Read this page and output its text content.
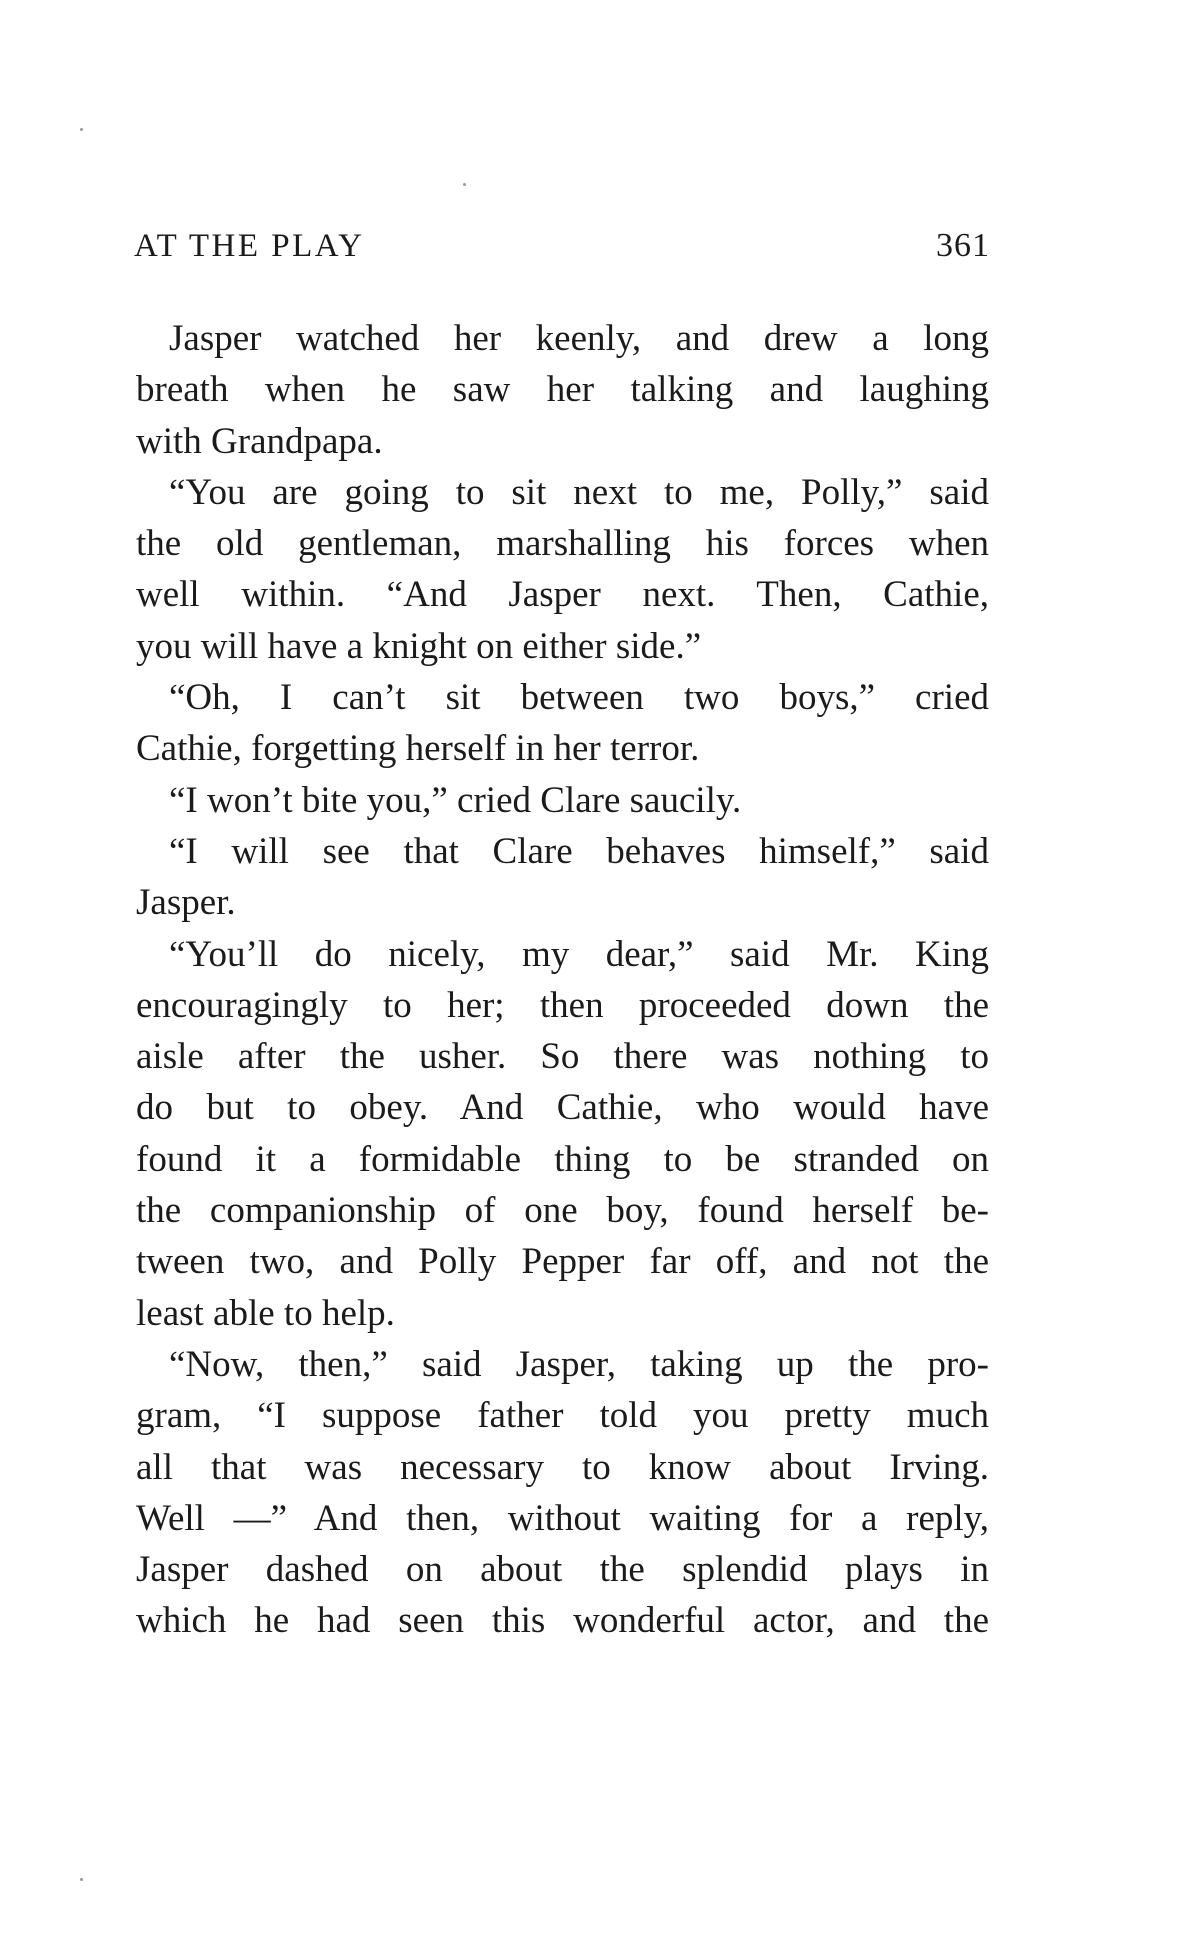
AT THE PLAY	361
Jasper watched her keenly, and drew a long
breath when he saw her talking and laughing
with Grandpapa.
“You are going to sit next to me, Polly,” said
the old gentleman, marshalling his forces when
well within. “And Jasper next. Then, Cathie,
you will have a knight on either side.”
“Oh, I can’t sit between two boys,” cried
Cathie, forgetting herself in her terror.
“I won’t bite you,” cried Clare saucily.
“I will see that Clare behaves himself,” said
Jasper.
“You’ll do nicely, my dear,” said Mr. King
encouragingly to her; then proceeded down the
aisle after the usher. So there was nothing to
do but to obey. And Cathie, who would have
found it a formidable thing to be stranded on
the companionship of one boy, found herself be-
tween two, and Polly Pepper far off, and not the
least able to help.
“Now, then,” said Jasper, taking up the pro-
gram, “I suppose father told you pretty much
all that was necessary to know about Irving.
Well —” And then, without waiting for a reply,
Jasper dashed on about the splendid plays in
which he had seen this wonderful actor, and the
